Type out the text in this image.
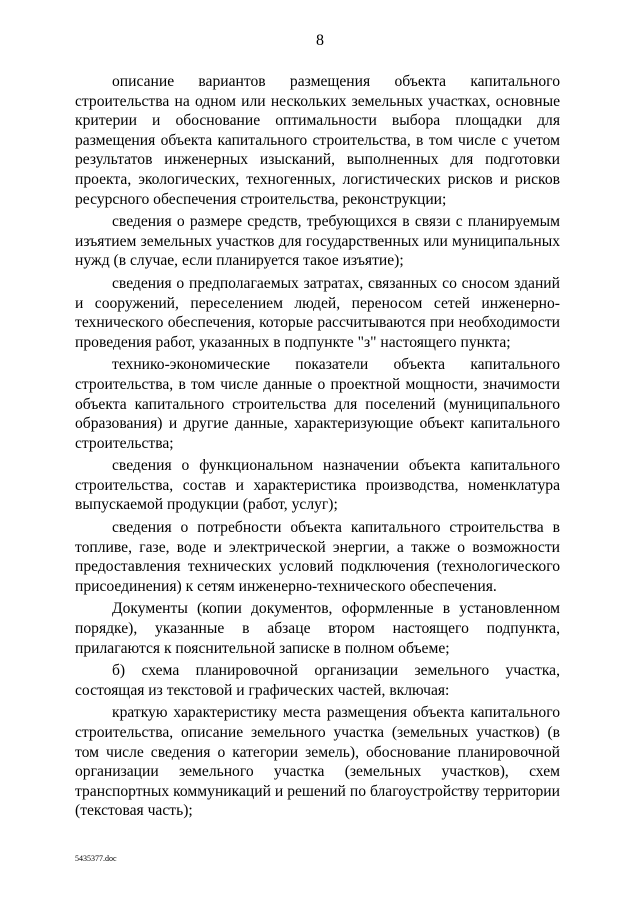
8

описание вариантов размещения объекта капитального строительства на одном или нескольких земельных участках, основные критерии и обоснование оптимальности выбора площадки для размещения объекта капитального строительства, в том числе с учетом результатов инженерных изысканий, выполненных для подготовки проекта, экологических, техногенных, логистических рисков и рисков ресурсного обеспечения строительства, реконструкции;

сведения о размере средств, требующихся в связи с планируемым изъятием земельных участков для государственных или муниципальных нужд (в случае, если планируется такое изъятие);

сведения о предполагаемых затратах, связанных со сносом зданий и сооружений, переселением людей, переносом сетей инженерно-технического обеспечения, которые рассчитываются при необходимости проведения работ, указанных в подпункте "з" настоящего пункта;

технико-экономические показатели объекта капитального строительства, в том числе данные о проектной мощности, значимости объекта капитального строительства для поселений (муниципального образования) и другие данные, характеризующие объект капитального строительства;

сведения о функциональном назначении объекта капитального строительства, состав и характеристика производства, номенклатура выпускаемой продукции (работ, услуг);

сведения о потребности объекта капитального строительства в топливе, газе, воде и электрической энергии, а также о возможности предоставления технических условий подключения (технологического присоединения) к сетям инженерно-технического обеспечения.

Документы (копии документов, оформленные в установленном порядке), указанные в абзаце втором настоящего подпункта, прилагаются к пояснительной записке в полном объеме;

б) схема планировочной организации земельного участка, состоящая из текстовой и графических частей, включая:

краткую характеристику места размещения объекта капитального строительства, описание земельного участка (земельных участков) (в том числе сведения о категории земель), обоснование планировочной организации земельного участка (земельных участков), схем транспортных коммуникаций и решений по благоустройству территории (текстовая часть);

5435377.doc
